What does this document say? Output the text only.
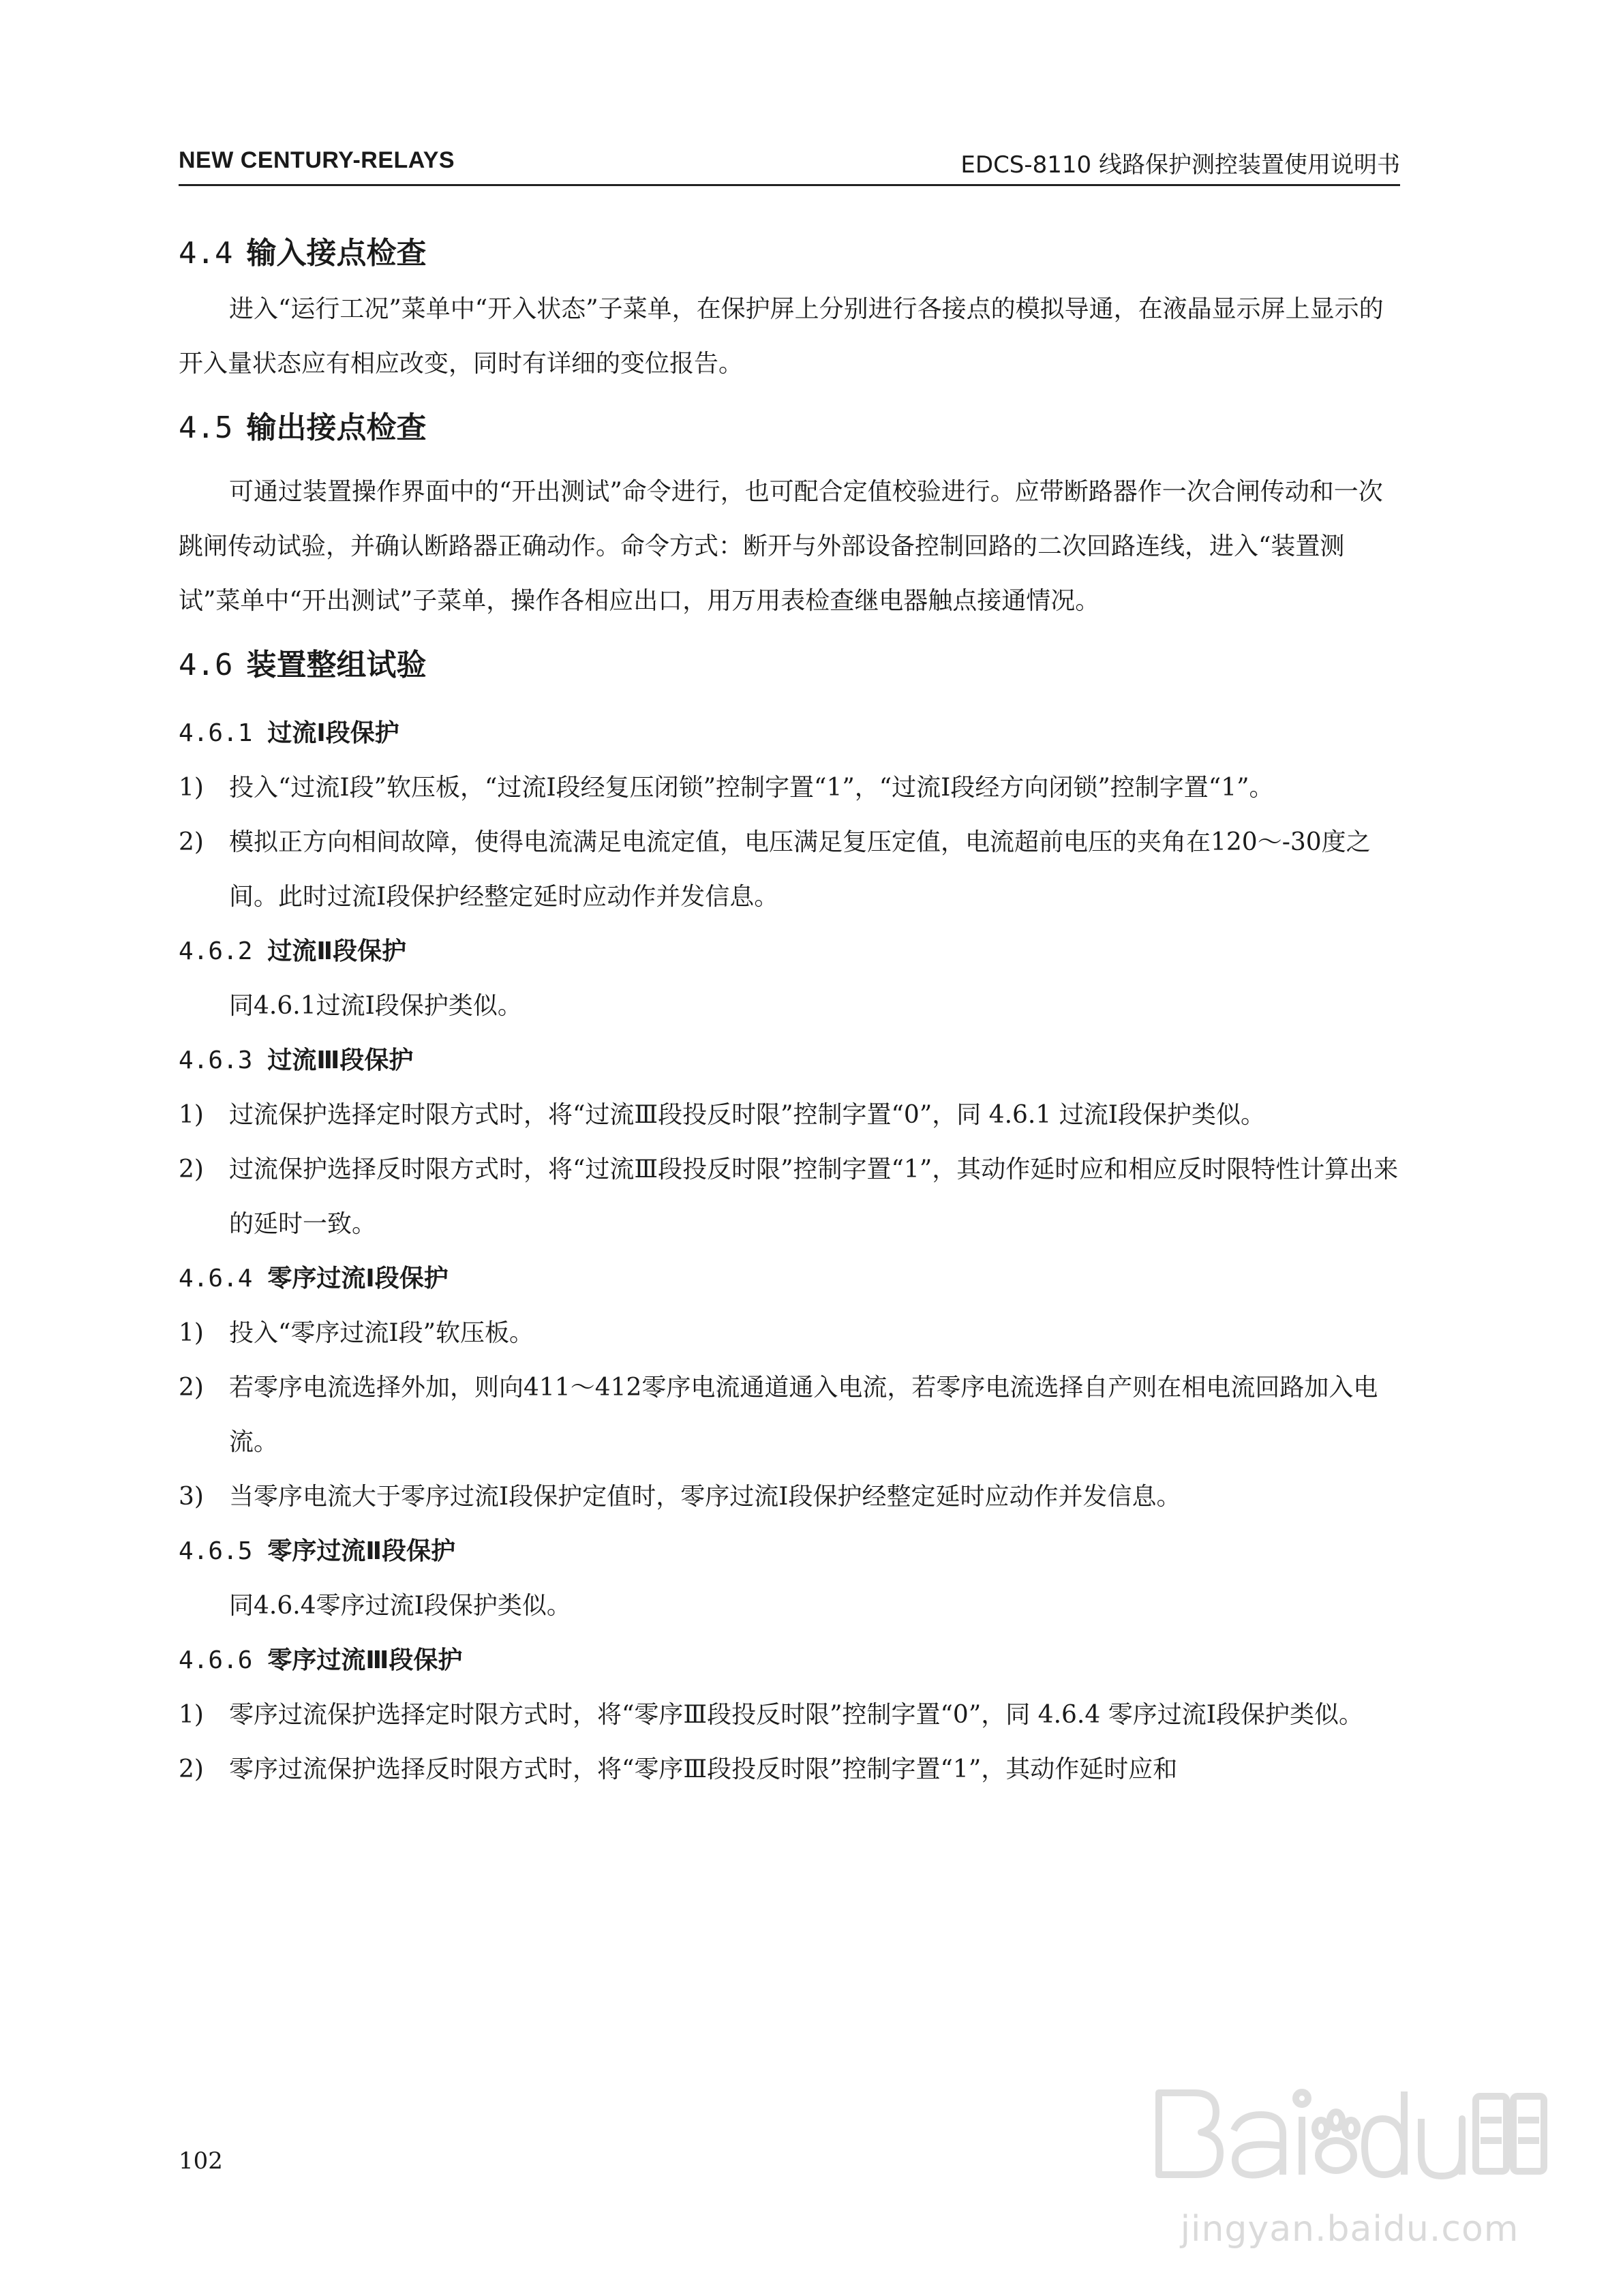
NEW CENTURY-RELAYS	EDCS-8110 线路保护测控装置使用说明书
4.4 输入接点检查

进入“运行工况”菜单中“开入状态”子菜单，在保护屏上分别进行各接点的模拟导通，在液晶显示屏上显示的开入量状态应有相应改变，同时有详细的变位报告。

4.5 输出接点检查

可通过装置操作界面中的“开出测试”命令进行，也可配合定值校验进行。应带断路器作一次合闸传动和一次跳闸传动试验，并确认断路器正确动作。命令方式：断开与外部设备控制回路的二次回路连线，进入“装置测试”菜单中“开出测试”子菜单，操作各相应出口，用万用表检查继电器触点接通情况。

4.6 装置整组试验
4.6.1 过流Ⅰ段保护
1) 投入“过流Ⅰ段”软压板，“过流Ⅰ段经复压闭锁”控制字置“1”，“过流Ⅰ段经方向闭锁”控制字置“1”。
2) 模拟正方向相间故障，使得电流满足电流定值，电压满足复压定值，电流超前电压的夹角在120～-30度之间。此时过流Ⅰ段保护经整定延时应动作并发信息。
4.6.2 过流Ⅱ段保护

同4.6.1过流Ⅰ段保护类似。

4.6.3 过流Ⅲ段保护
1) 过流保护选择定时限方式时，将“过流Ⅲ段投反时限”控制字置“0”，同 4.6.1 过流Ⅰ段保护类似。
2) 过流保护选择反时限方式时，将“过流Ⅲ段投反时限”控制字置“1”，其动作延时应和相应反时限特性计算出来的延时一致。
4.6.4 零序过流Ⅰ段保护
1) 投入“零序过流Ⅰ段”软压板。
2) 若零序电流选择外加，则向411～412零序电流通道通入电流，若零序电流选择自产则在相电流回路加入电流。
3) 当零序电流大于零序过流Ⅰ段保护定值时，零序过流Ⅰ段保护经整定延时应动作并发信息。
4.6.5 零序过流Ⅱ段保护

同4.6.4零序过流Ⅰ段保护类似。

4.6.6 零序过流Ⅲ段保护
1) 零序过流保护选择定时限方式时，将“零序Ⅲ段投反时限”控制字置“0”，同 4.6.4 零序过流Ⅰ段保护类似。
2) 零序过流保护选择反时限方式时，将“零序Ⅲ段投反时限”控制字置“1”，其动作延时应和
102
jingyan.baidu.com
